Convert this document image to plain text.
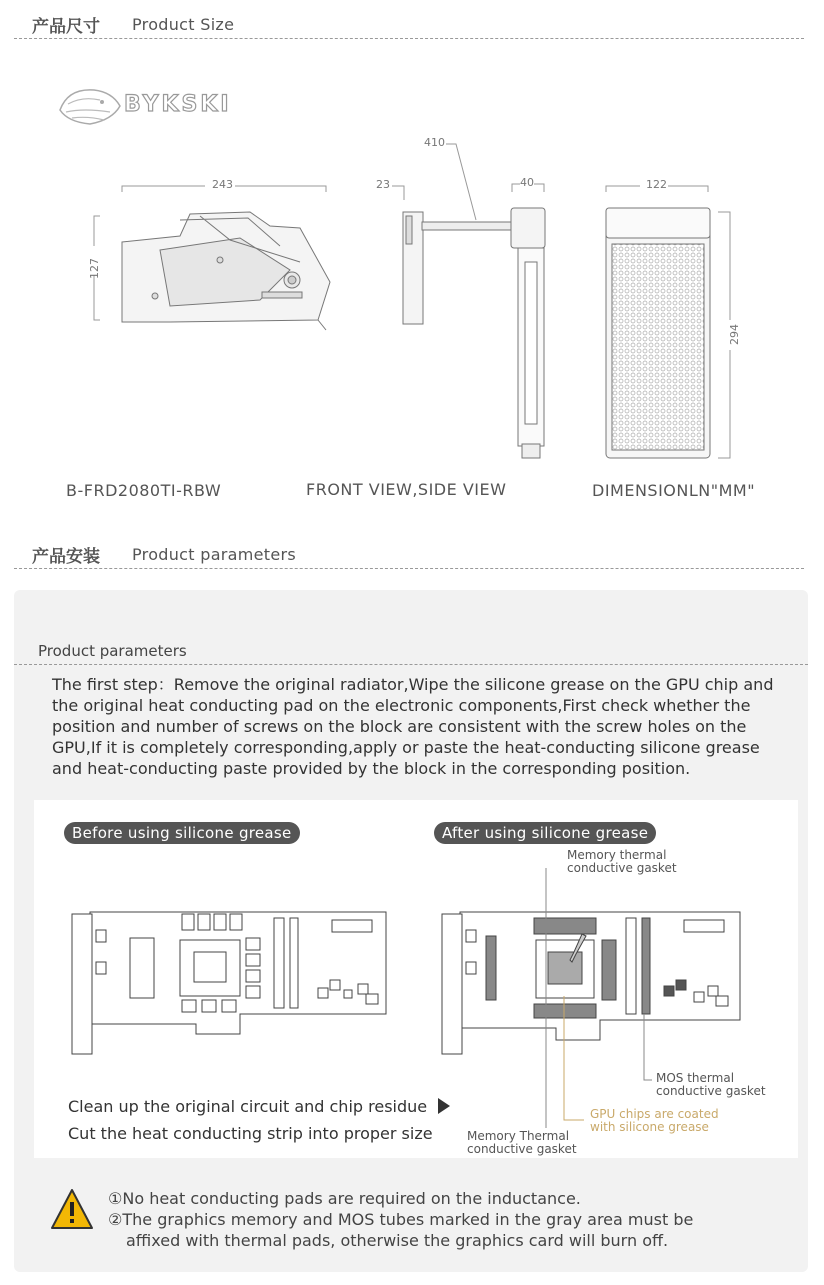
产品尺寸 Product Size
BYKSKI
243
127
23
410
40	122
294
B-FRD2080TI-RBW	FRONT VIEW,SIDE VIEW	DIMENSIONLN"MM"
产品安装 Product parameters
Product parameters
The first step：Remove the original radiator,Wipe the silicone grease on the GPU chip and the original heat conducting pad on the electronic components,First check whether the position and number of screws on the block are consistent with the screw holes on the GPU,If it is completely corresponding,apply or paste the heat-conducting silicone grease and heat-conducting paste provided by the block in the corresponding position.
Before using silicone grease	After using silicone grease
Memory thermal
conductive gasket
MOS thermal
conductive gasket
GPU chips are coated
with silicone grease
Memory Thermal
conductive gasket
Clean up the original circuit and chip residue
Cut the heat conducting strip into proper size
①No heat conducting pads are required on the inductance.
②The graphics memory and MOS tubes marked in the gray area must be
affixed with thermal pads, otherwise the graphics card will burn off.
